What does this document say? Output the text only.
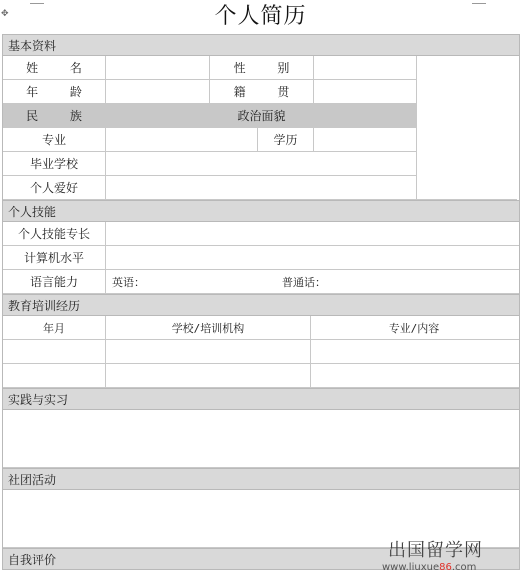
✥	个人简历
基本资料
姓 名	性 别
年 龄	籍 贯
民 族	政治面貌
专业	学历
毕业学校
个人爱好
个人技能
个人技能专长
计算机水平
语言能力	英语：	普通话：
教育培训经历
年月	学校/培训机构	专业/内容
实践与实习
社团活动
自我评价	出国留学网
www.liuxue86.com
